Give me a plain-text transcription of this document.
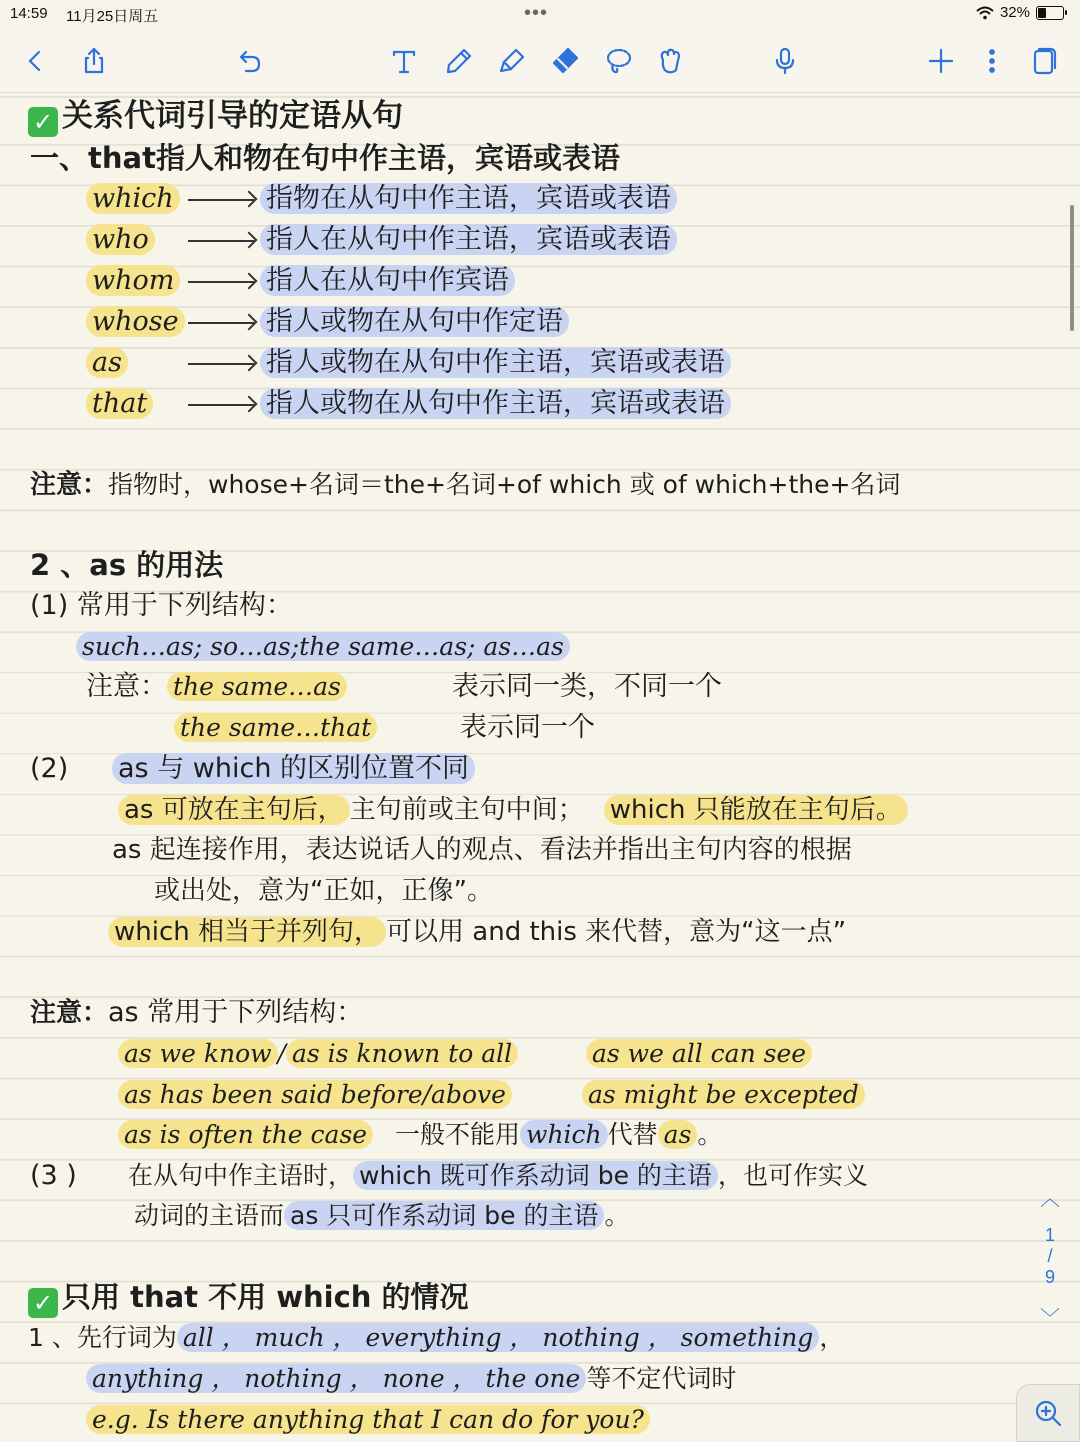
14:59 11月25日周五	•••	32%
✓ 关系代词引导的定语从句
一、that指人和物在句中作主语，宾语或表语
which	指物在从句中作主语，宾语或表语
who	指人在从句中作主语，宾语或表语
whom	指人在从句中作宾语
whose	指人或物在从句中作定语
as	指人或物在从句中作主语，宾语或表语
that	指人或物在从句中作主语，宾语或表语
注意：指物时，whose+名词＝the+名词+of which 或 of which+the+名词
2 、as 的用法
(1) 常用于下列结构：
such…as; so…as;the same…as; as…as
注意： the same…as	表示同一类，不同一个
the same…that	表示同一个
(2) as 与 which 的区别位置不同
as 可放在主句后， 主句前或主句中间； which 只能放在主句后。
as 起连接作用，表达说话人的观点、看法并指出主句内容的根据
或出处，意为“正如，正像”。
which 相当于并列句， 可以用 and this 来代替，意为“这一点”
注意：as 常用于下列结构：
as we know / as is known to all	as we all can see
as has been said before/above	as might be excepted
as is often the case 一般不能用 which 代替 as 。
(3 ) 在从句中作主语时， which 既可作系动词 be 的主语 ，也可作实义
动词的主语而 as 只可作系动词 be 的主语 。
✓ 只用 that 不用 which 的情况
1 、先行词为 all ， much ， everything ， nothing ， something ，
anything ， nothing ， none ， the one 等不定代词时
e.g. Is there anything that I can do for you?
︿
1
/
9
﹀
